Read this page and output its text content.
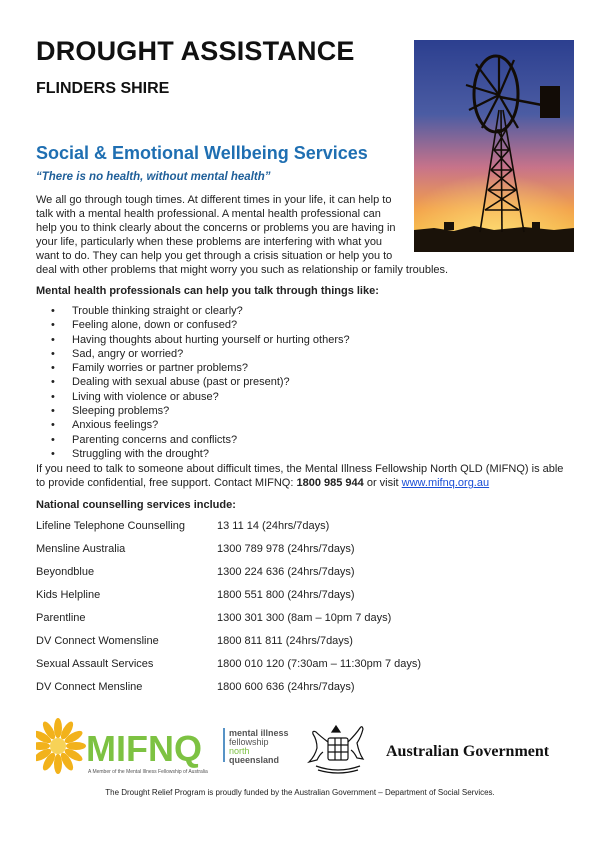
DROUGHT ASSISTANCE
FLINDERS SHIRE
Social & Emotional Wellbeing Services
“There is no health, without mental health”
We all go through tough times. At different times in your life, it can help to
talk with a mental health professional. A mental health professional can
help you to think clearly about the concerns or problems you are having in
your life, particularly when these problems are interfering with what you
want to do. They can help you get through a crisis situation or help you to
deal with other problems that might worry you such as relationship or family troubles.
Mental health professionals can help you talk through things like:
• Trouble thinking straight or clearly?
• Feeling alone, down or confused?
• Having thoughts about hurting yourself or hurting others?
• Sad, angry or worried?
• Family worries or partner problems?
• Dealing with sexual abuse (past or present)?
• Living with violence or abuse?
• Sleeping problems?
• Anxious feelings?
• Parenting concerns and conflicts?
• Struggling with the drought?

If you need to talk to someone about difficult times, the Mental Illness Fellowship North QLD (MIFNQ) is able to provide confidential, free support. Contact MIFNQ: 1800 985 944 or visit www.mifnq.org.au

National counselling services include:
Lifeline Telephone Counselling	13 11 14 (24hrs/7days)
Mensline Australia	1300 789 978 (24hrs/7days)
Beyondblue	1300 224 636 (24hrs/7days)
Kids Helpline	1800 551 800 (24hrs/7days)
Parentline	1300 301 300 (8am – 10pm 7 days)
DV Connect Womensline	1800 811 811 (24hrs/7days)
Sexual Assault Services	1800 010 120 (7:30am – 11:30pm 7 days)
DV Connect Mensline	1800 600 636 (24hrs/7days)
MIFNQ	mental illness
fellowship
north
queensland
A Member of the Mental Illness Fellowship of Australia
Australian Government
The Drought Relief Program is proudly funded by the Australian Government – Department of Social Services.
